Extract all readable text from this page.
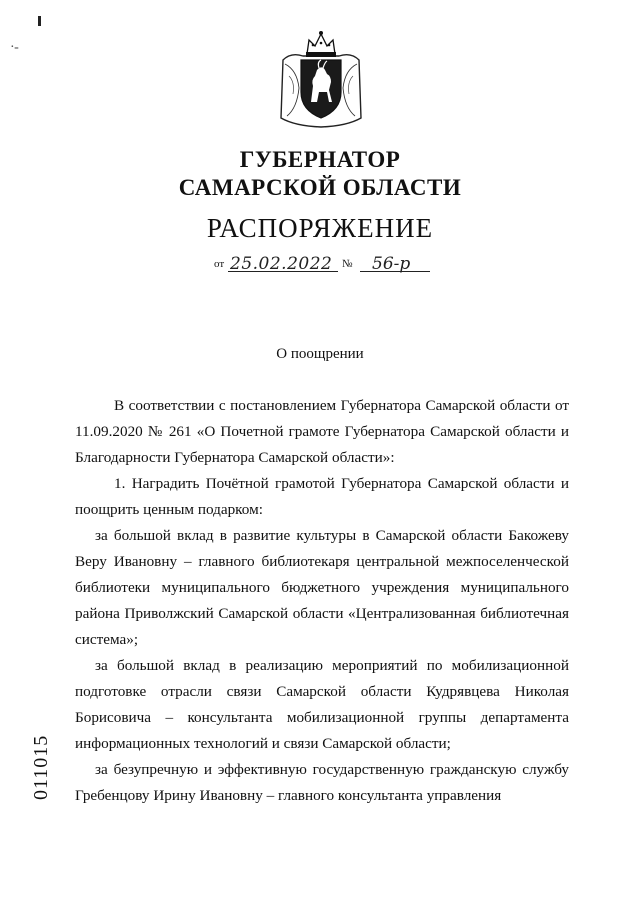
· -
ГУБЕРНАТОР
САМАРСКОЙ ОБЛАСТИ
РАСПОРЯЖЕНИЕ
от 25.02.2022 № 56-р
О поощрении

В соответствии с постановлением Губернатора Самарской области от 11.09.2020 № 261 «О Почетной грамоте Губернатора Самарской области и Благодарности Губернатора Самарской области»:

1. Наградить Почётной грамотой Губернатора Самарской области и поощрить ценным подарком:

за большой вклад в развитие культуры в Самарской области Бакожеву Веру Ивановну – главного библиотекаря центральной межпоселенческой библиотеки муниципального бюджетного учреждения муниципального района Приволжский Самарской области «Централизованная библиотечная система»;

за большой вклад в реализацию мероприятий по мобилизационной подготовке отрасли связи Самарской области Кудрявцева Николая Борисовича – консультанта мобилизационной группы департамента информационных технологий и связи Самарской области;

за безупречную и эффективную государственную гражданскую службу Гребенцову Ирину Ивановну – главного консультанта управления

011015
